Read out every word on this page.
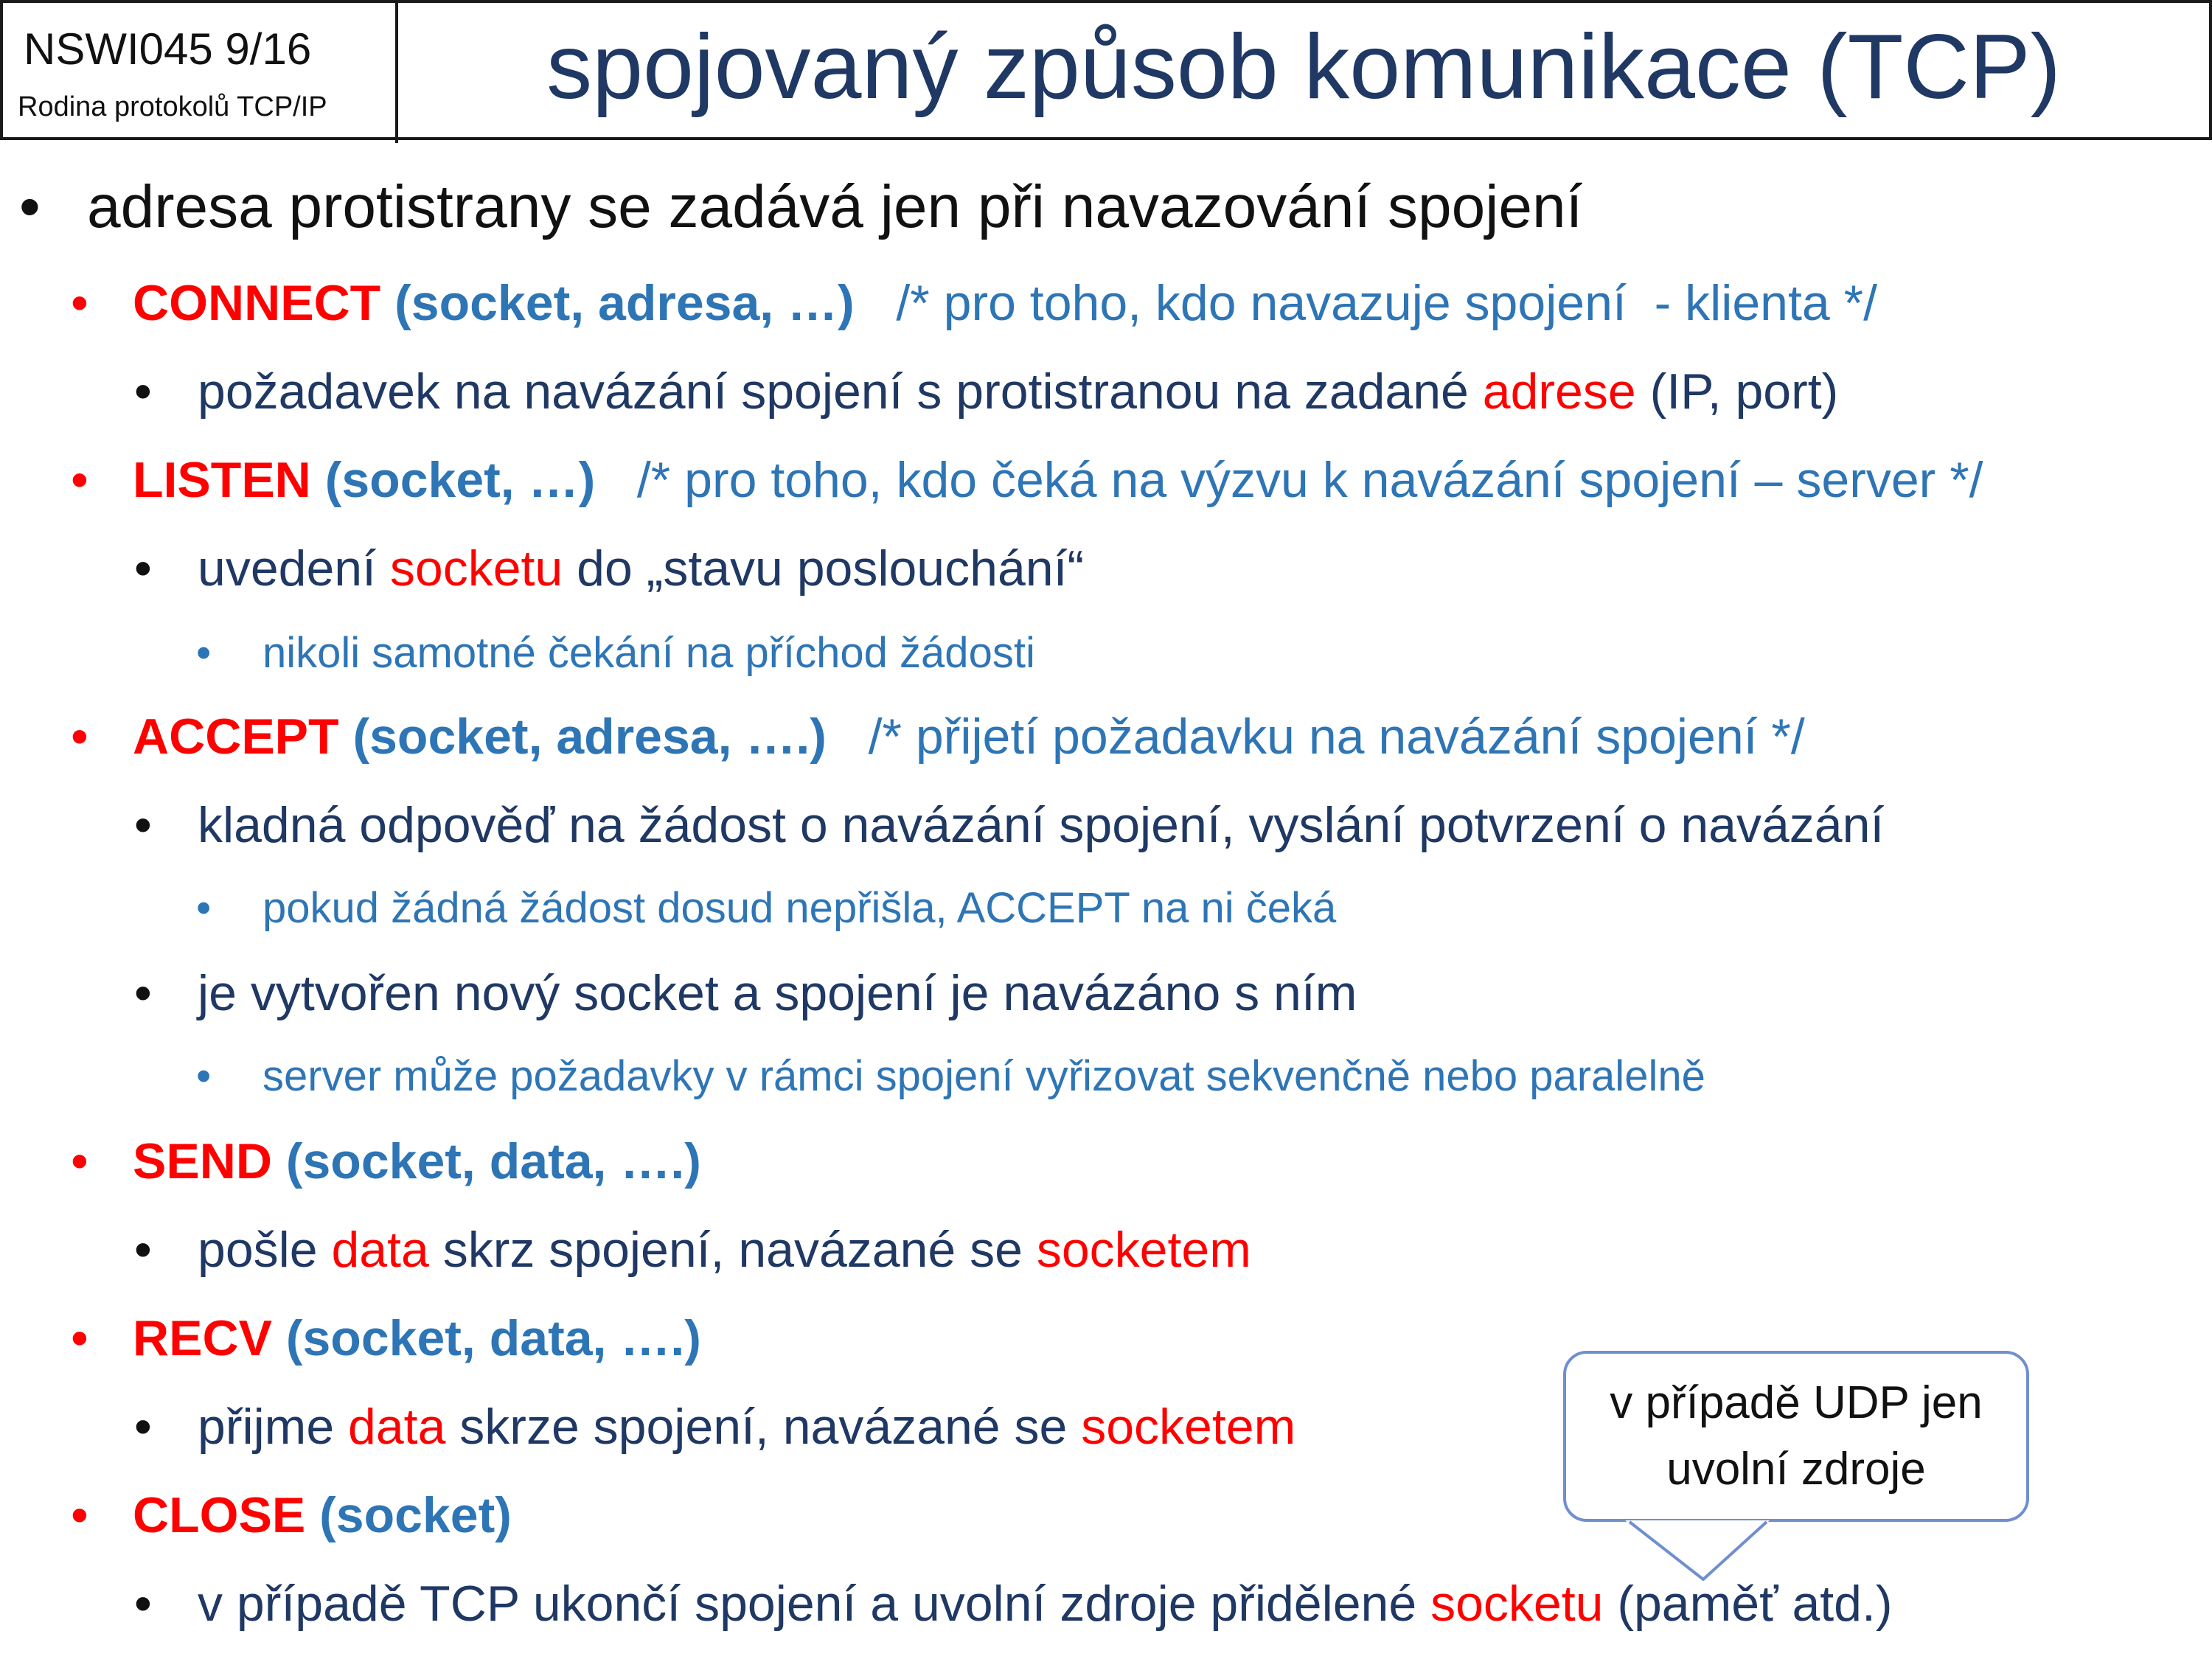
NSWI045 9/16
Rodina protokolů TCP/IP	spojovaný způsob komunikace (TCP)
• adresa protistrany se zadává jen při navazování spojení
• CONNECT (socket, adresa, …)   /* pro toho, kdo navazuje spojení  - klienta */
• požadavek na navázání spojení s protistranou na zadané adrese (IP, port)
• LISTEN (socket, …)   /* pro toho, kdo čeká na výzvu k navázání spojení – server */
• uvedení socketu do „stavu poslouchání“
• nikoli samotné čekání na příchod žádosti
• ACCEPT (socket, adresa, ….)   /* přijetí požadavku na navázání spojení */
• kladná odpověď na žádost o navázání spojení, vyslání potvrzení o navázání
• pokud žádná žádost dosud nepřišla, ACCEPT na ni čeká
• je vytvořen nový socket a spojení je navázáno s ním
• server může požadavky v rámci spojení vyřizovat sekvenčně nebo paralelně
• SEND (socket, data, ….)
• pošle data skrz spojení, navázané se socketem
• RECV (socket, data, ….)
• přijme data skrze spojení, navázané se socketem
• CLOSE (socket)
• v případě TCP ukončí spojení a uvolní zdroje přidělené socketu (paměť atd.)
v případě UDP jen
uvolní zdroje
